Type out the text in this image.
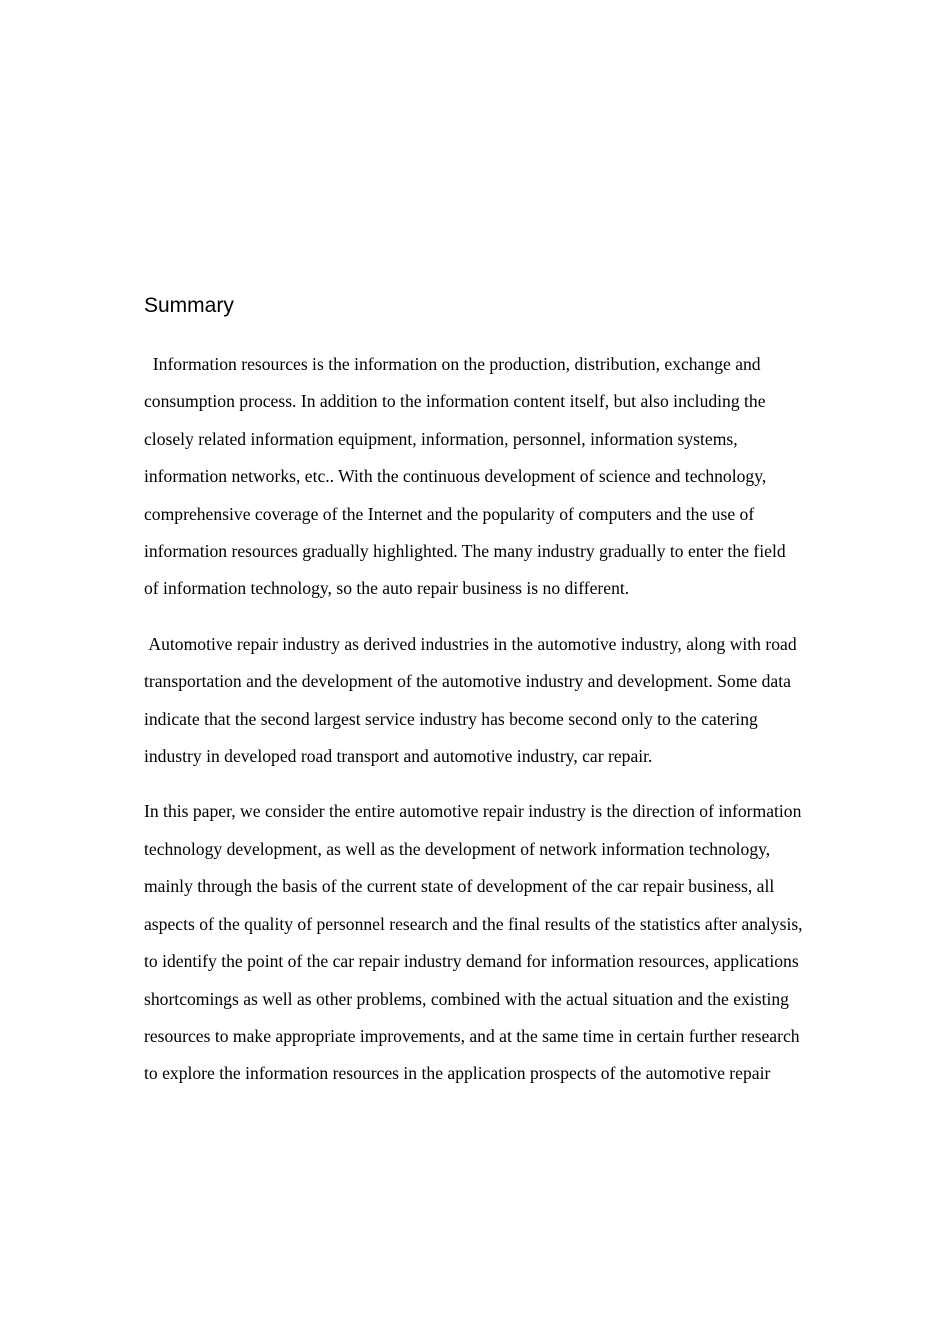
Summary

Information resources is the information on the production, distribution, exchange and consumption process. In addition to the information content itself, but also including the closely related information equipment, information, personnel, information systems, information networks, etc.. With the continuous development of science and technology, comprehensive coverage of the Internet and the popularity of computers and the use of information resources gradually highlighted. The many industry gradually to enter the field of information technology, so the auto repair business is no different.

Automotive repair industry as derived industries in the automotive industry, along with road transportation and the development of the automotive industry and development. Some data indicate that the second largest service industry has become second only to the catering industry in developed road transport and automotive industry, car repair.

In this paper, we consider the entire automotive repair industry is the direction of information technology development, as well as the development of network information technology, mainly through the basis of the current state of development of the car repair business, all aspects of the quality of personnel research and the final results of the statistics after analysis, to identify the point of the car repair industry demand for information resources, applications shortcomings as well as other problems, combined with the actual situation and the existing resources to make appropriate improvements, and at the same time in certain further research to explore the information resources in the application prospects of the automotive repair
